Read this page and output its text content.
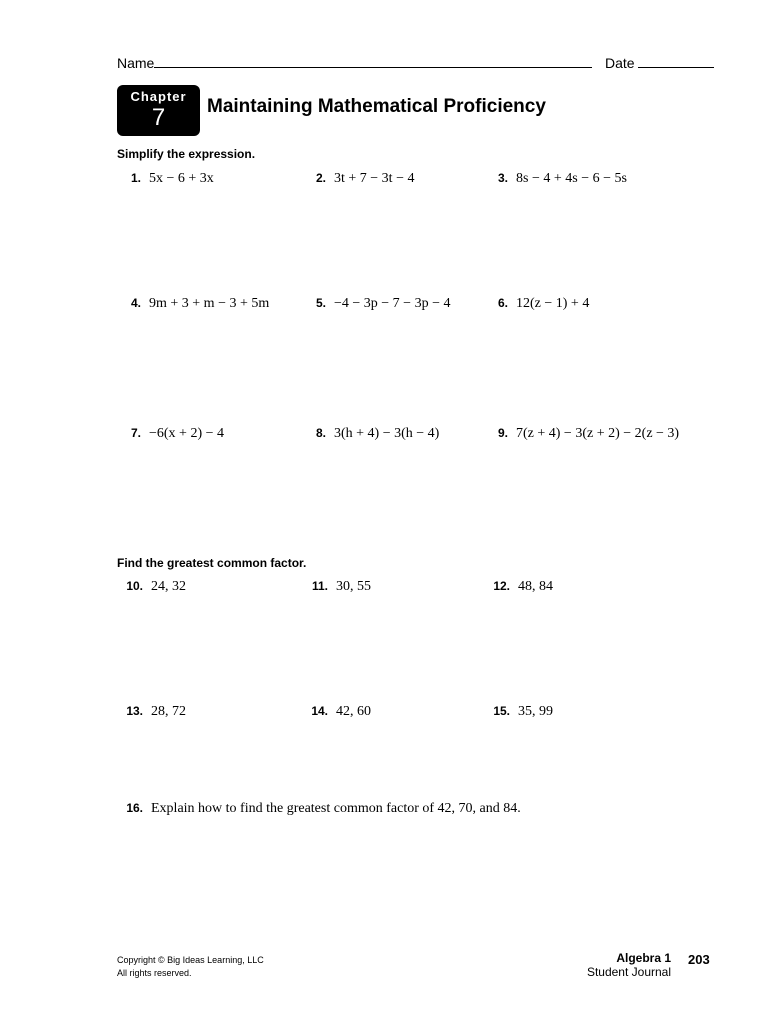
Name	Date
Chapter
7	Maintaining Mathematical Proficiency
Simplify the expression.
1. 5x − 6 + 3x	2. 3t + 7 − 3t − 4	3. 8s − 4 + 4s − 6 − 5s
4. 9m + 3 + m − 3 + 5m	5. −4 − 3p − 7 − 3p − 4	6. 12(z − 1) + 4
7. −6(x + 2) − 4	8. 3(h + 4) − 3(h − 4)	9. 7(z + 4) − 3(z + 2) − 2(z − 3)
Find the greatest common factor.
10. 24, 32	11. 30, 55	12. 48, 84
13. 28, 72	14. 42, 60	15. 35, 99
16. Explain how to find the greatest common factor of 42, 70, and 84.
Copyright © Big Ideas Learning, LLC
All rights reserved.
Algebra 1
Student Journal
203
